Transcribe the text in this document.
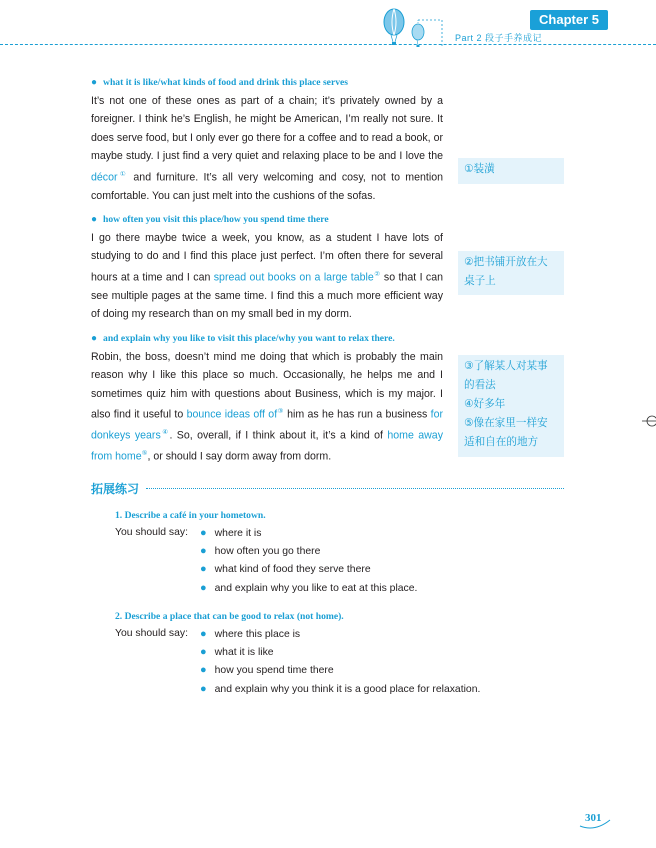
Chapter 5
Part 2 段子手养成记
● what it is like/what kinds of food and drink this place serves
It’s not one of these ones as part of a chain; it’s privately owned by a foreigner. I think he’s English, he might be American, I’m really not sure. It does serve food, but I only ever go there for a coffee and to read a book, or maybe study. I just find a very quiet and relaxing place to be and I love the décor① and furniture. It’s all very welcoming and cosy, not to mention comfortable. You can just melt into the cushions of the sofas.
①装潢
● how often you visit this place/how you spend time there
I go there maybe twice a week, you know, as a student I have lots of studying to do and I find this place just perfect. I’m often there for several hours at a time and I can spread out books on a large table② so that I can see multiple pages at the same time. I find this a much more efficient way of doing my research than on my small bed in my dorm.
②把书铺开放在大桌子上
● and explain why you like to visit this place/why you want to relax there.
Robin, the boss, doesn’t mind me doing that which is probably the main reason why I like this place so much. Occasionally, he helps me and I sometimes quiz him with questions about Business, which is my major. I also find it useful to bounce ideas off of③ him as he has run a business for donkeys years④. So, overall, if I think about it, it’s a kind of home away from home⑤, or should I say dorm away from dorm.
③了解某人对某事的看法
④好多年
⑤像在家里一样安适和自在的地方
拓展练习
1. Describe a café in your hometown.
You should say: ● where it is
● how often you go there
● what kind of food they serve there
● and explain why you like to eat at this place.
2. Describe a place that can be good to relax (not home).
You should say: ● where this place is
● what it is like
● how you spend time there
● and explain why you think it is a good place for relaxation.
301
